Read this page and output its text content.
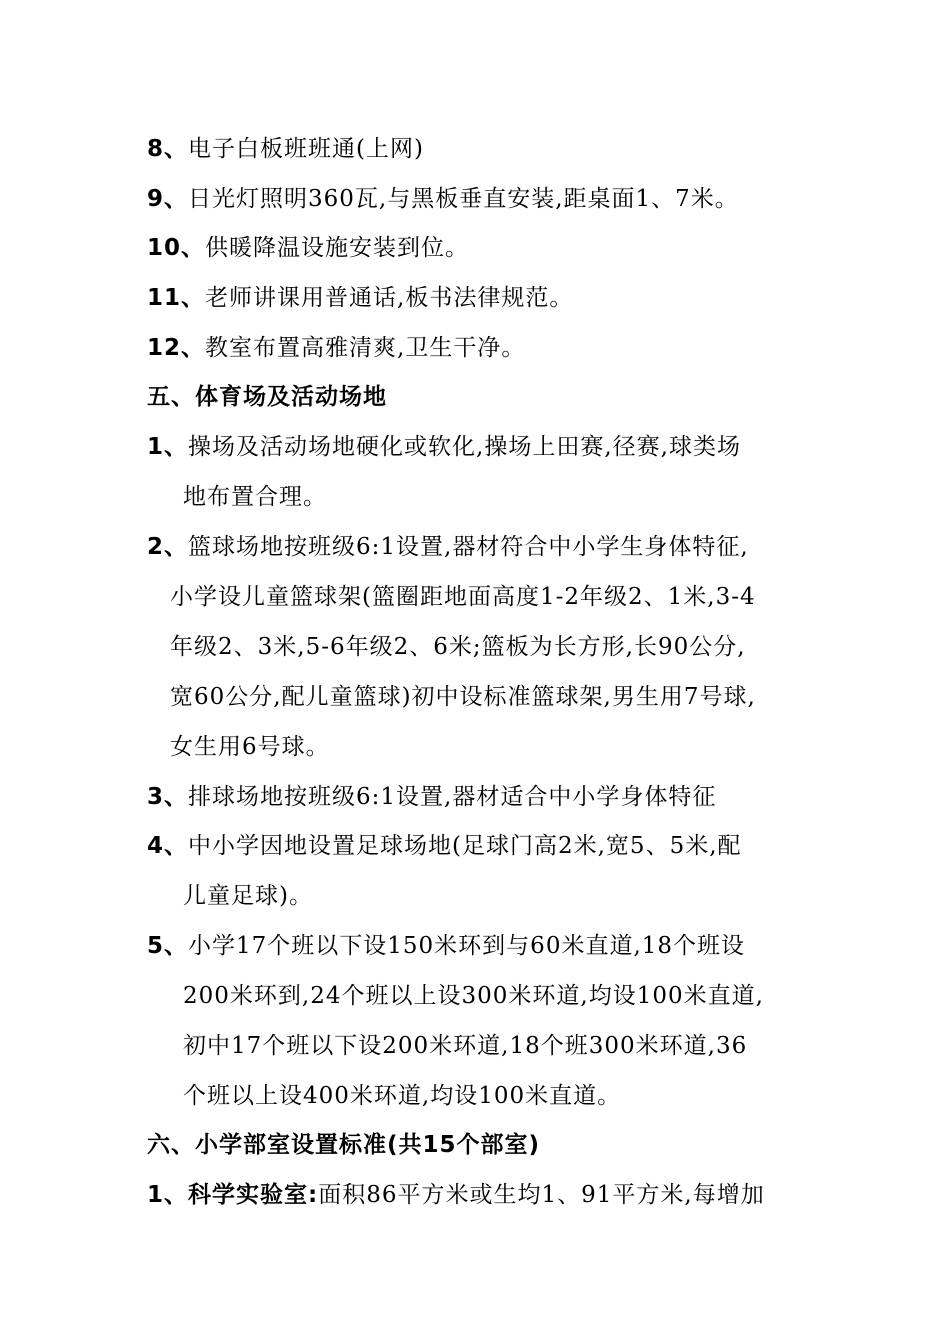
8、电子白板班班通(上网)
9、日光灯照明360瓦,与黑板垂直安装,距桌面1、7米。
10、供暖降温设施安装到位。
11、老师讲课用普通话,板书法律规范。
12、教室布置高雅清爽,卫生干净。
五、体育场及活动场地
1、操场及活动场地硬化或软化,操场上田赛,径赛,球类场
地布置合理。
2、篮球场地按班级6:1设置,器材符合中小学生身体特征,
小学设儿童篮球架(篮圈距地面高度1-2年级2、1米,3-4
年级2、3米,5-6年级2、6米;篮板为长方形,长90公分,
宽60公分,配儿童篮球)初中设标准篮球架,男生用7号球,
女生用6号球。
3、排球场地按班级6:1设置,器材适合中小学身体特征
4、中小学因地设置足球场地(足球门高2米,宽5、5米,配
儿童足球)。
5、小学17个班以下设150米环到与60米直道,18个班设
200米环到,24个班以上设300米环道,均设100米直道,
初中17个班以下设200米环道,18个班300米环道,36
个班以上设400米环道,均设100米直道。
六、小学部室设置标准(共15个部室)
1、科学实验室:面积86平方米或生均1、91平方米,每增加
